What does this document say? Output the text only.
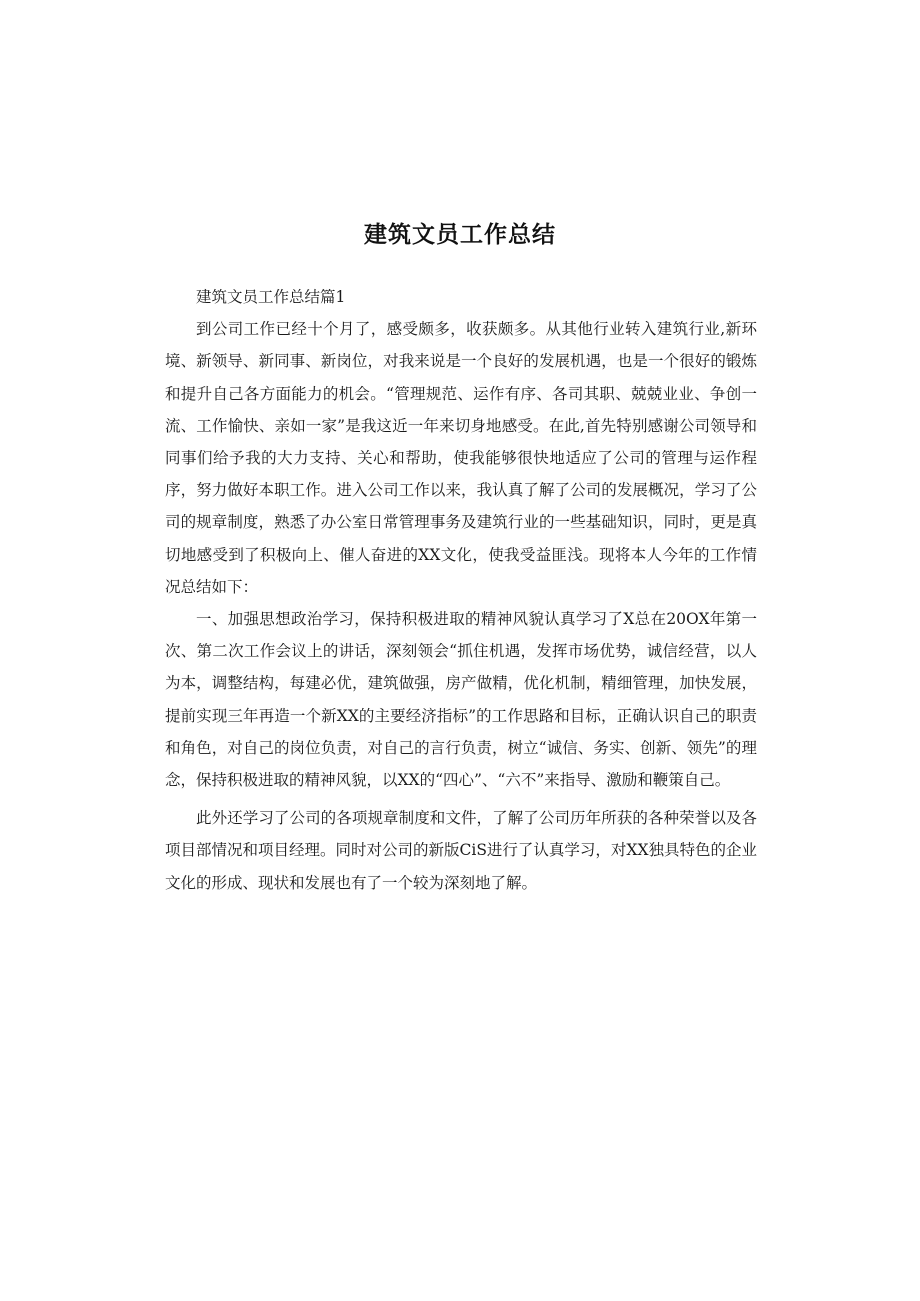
建筑文员工作总结

建筑文员工作总结篇1

到公司工作已经十个月了，感受颇多，收获颇多。从其他行业转入建筑行业,新环境、新领导、新同事、新岗位，对我来说是一个良好的发展机遇，也是一个很好的锻炼和提升自己各方面能力的机会。“管理规范、运作有序、各司其职、兢兢业业、争创一流、工作愉快、亲如一家”是我这近一年来切身地感受。在此,首先特别感谢公司领导和同事们给予我的大力支持、关心和帮助，使我能够很快地适应了公司的管理与运作程序，努力做好本职工作。进入公司工作以来，我认真了解了公司的发展概况，学习了公司的规章制度，熟悉了办公室日常管理事务及建筑行业的一些基础知识，同时，更是真切地感受到了积极向上、催人奋进的XX文化，使我受益匪浅。现将本人今年的工作情况总结如下：

一、加强思想政治学习，保持积极进取的精神风貌认真学习了X总在20OX年第一次、第二次工作会议上的讲话，深刻领会“抓住机遇，发挥市场优势，诚信经营，以人为本，调整结构，每建必优，建筑做强，房产做精，优化机制，精细管理，加快发展，提前实现三年再造一个新XX的主要经济指标”的工作思路和目标，正确认识自己的职责和角色，对自己的岗位负责，对自己的言行负责，树立“诚信、务实、创新、领先”的理念，保持积极进取的精神风貌，以XX的“四心”、“六不”来指导、激励和鞭策自己。

此外还学习了公司的各项规章制度和文件，了解了公司历年所获的各种荣誉以及各项目部情况和项目经理。同时对公司的新版CiS进行了认真学习，对XX独具特色的企业文化的形成、现状和发展也有了一个较为深刻地了解。
